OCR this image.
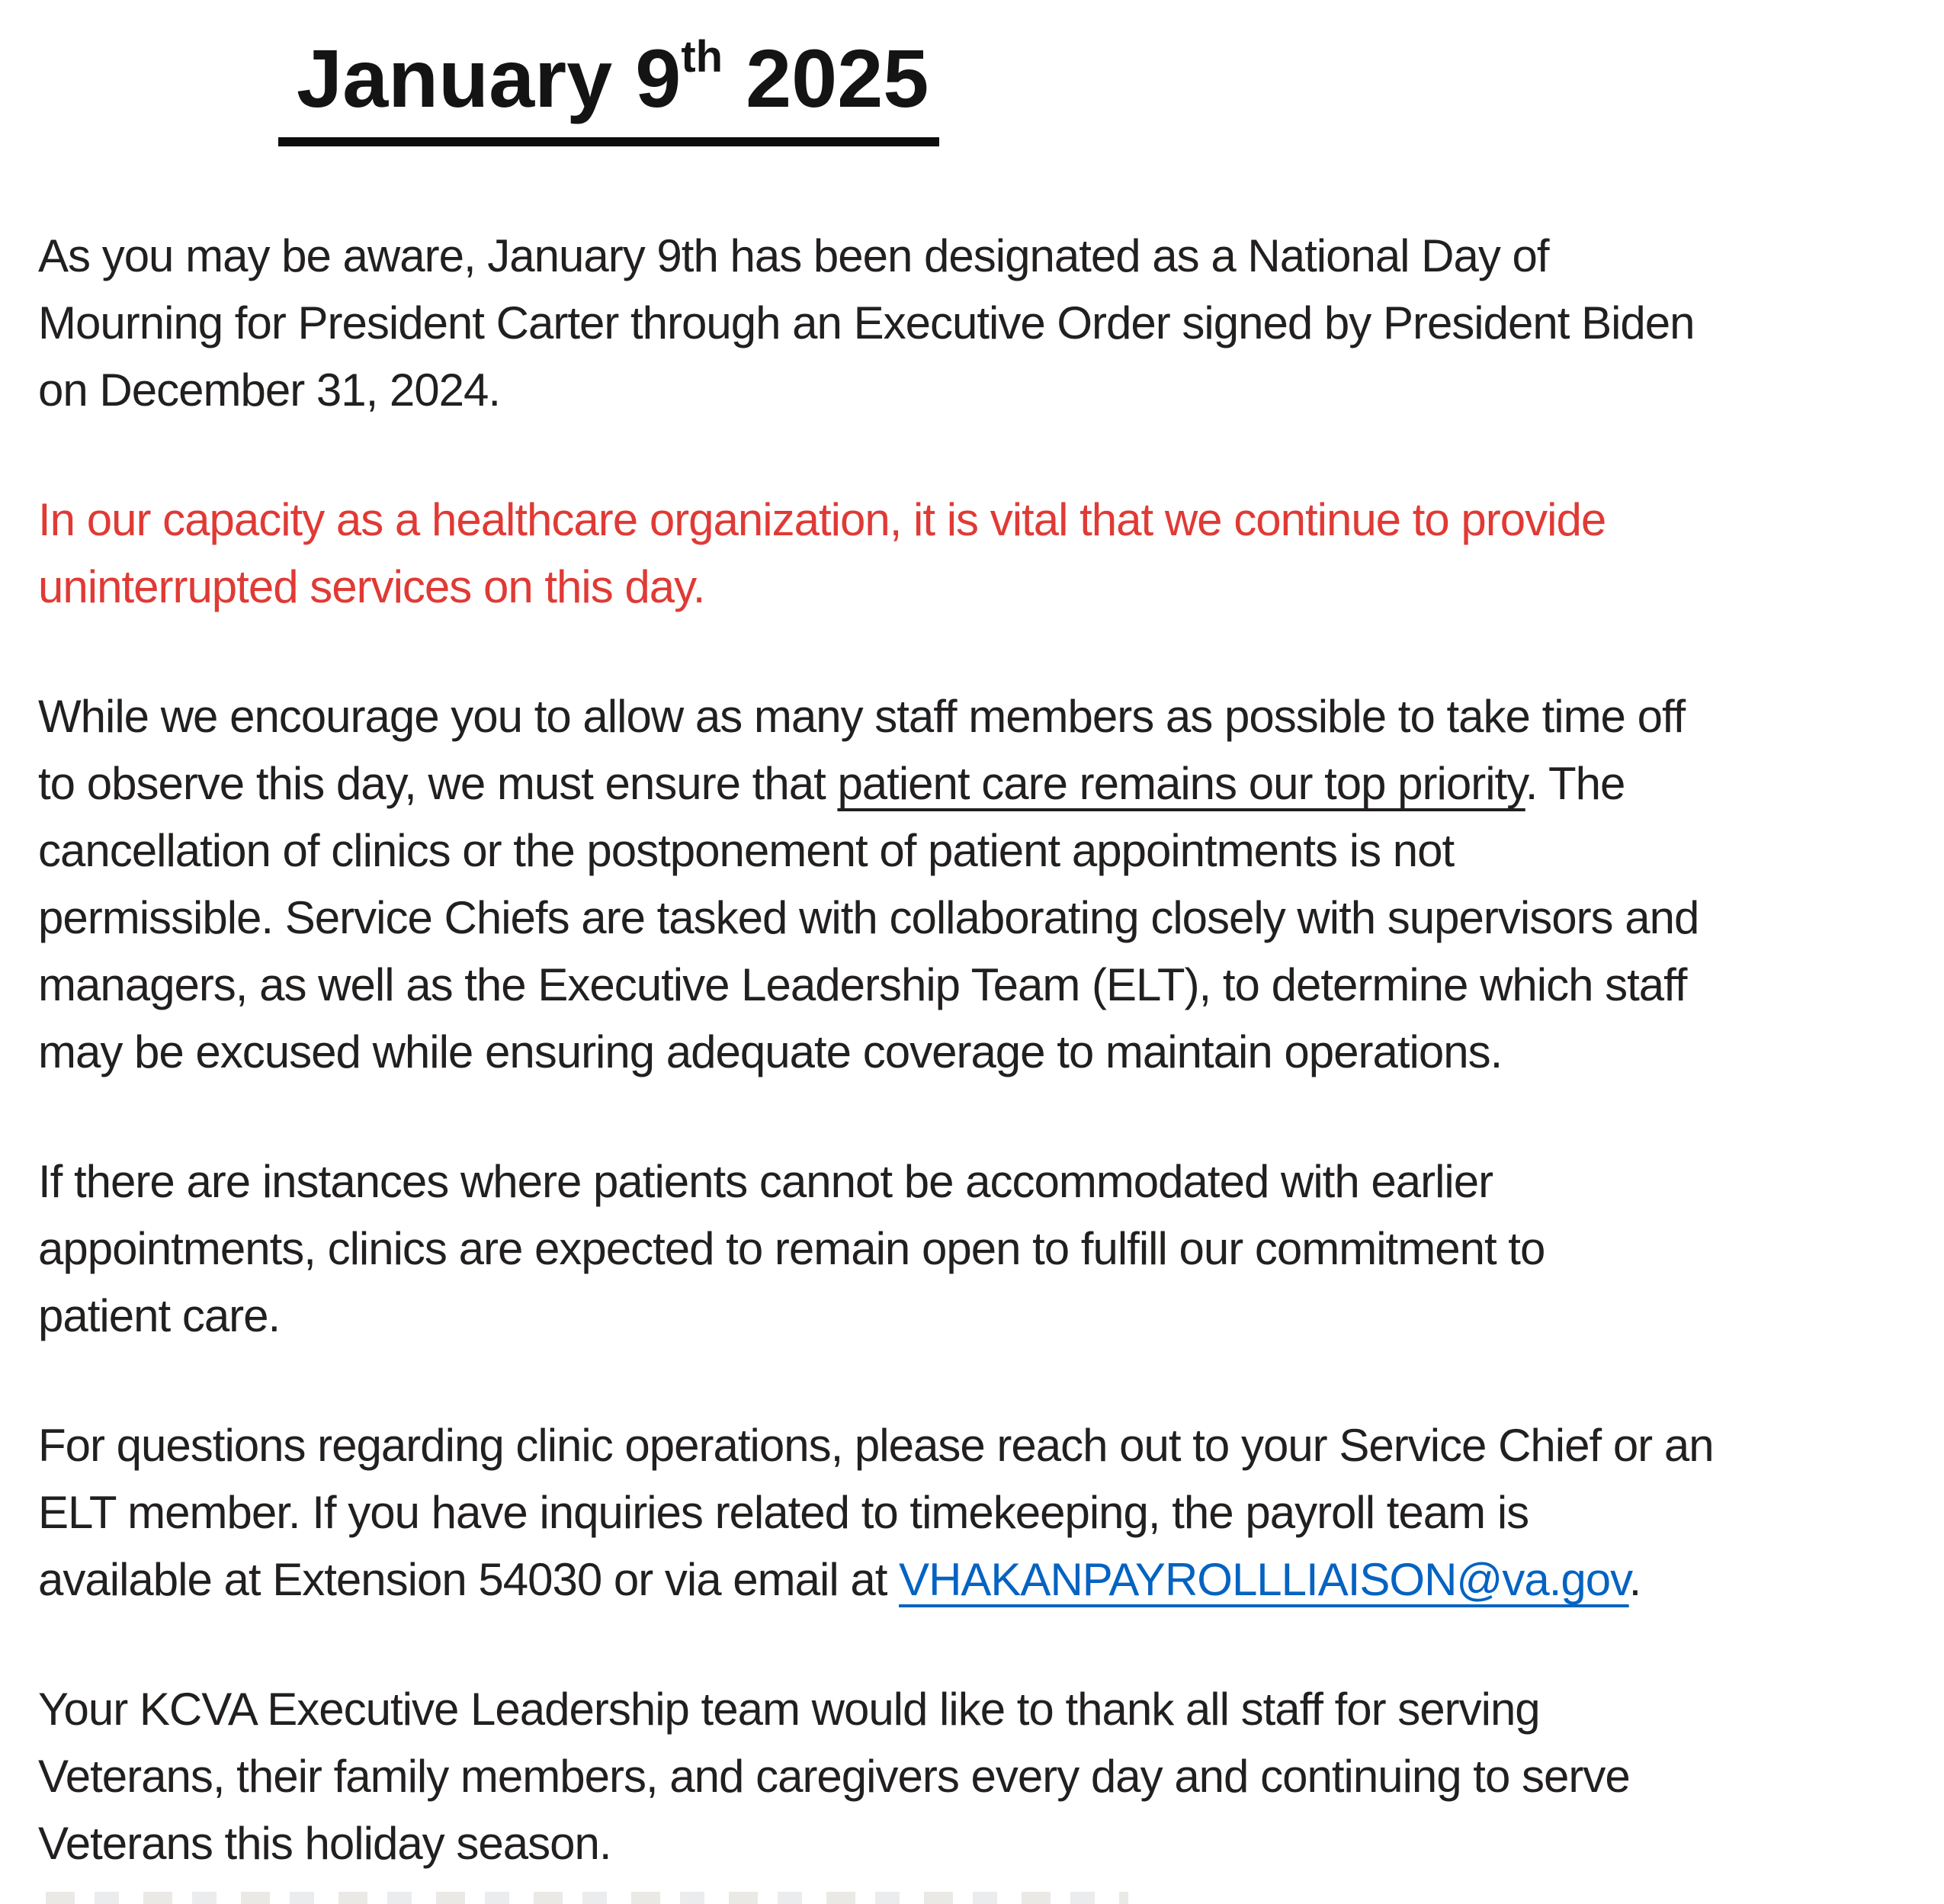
January 9th 2025
As you may be aware, January 9th has been designated as a National Day of
Mourning for President Carter through an Executive Order signed by President Biden
on December 31, 2024.
In our capacity as a healthcare organization, it is vital that we continue to provide
uninterrupted services on this day.
While we encourage you to allow as many staff members as possible to take time off
to observe this day, we must ensure that patient care remains our top priority. The
cancellation of clinics or the postponement of patient appointments is not
permissible. Service Chiefs are tasked with collaborating closely with supervisors and
managers, as well as the Executive Leadership Team (ELT), to determine which staff
may be excused while ensuring adequate coverage to maintain operations.
If there are instances where patients cannot be accommodated with earlier
appointments, clinics are expected to remain open to fulfill our commitment to
patient care.
For questions regarding clinic operations, please reach out to your Service Chief or an
ELT member. If you have inquiries related to timekeeping, the payroll team is
available at Extension 54030 or via email at VHAKANPAYROLLLIAISON@va.gov.
Your KCVA Executive Leadership team would like to thank all staff for serving
Veterans, their family members, and caregivers every day and continuing to serve
Veterans this holiday season.
